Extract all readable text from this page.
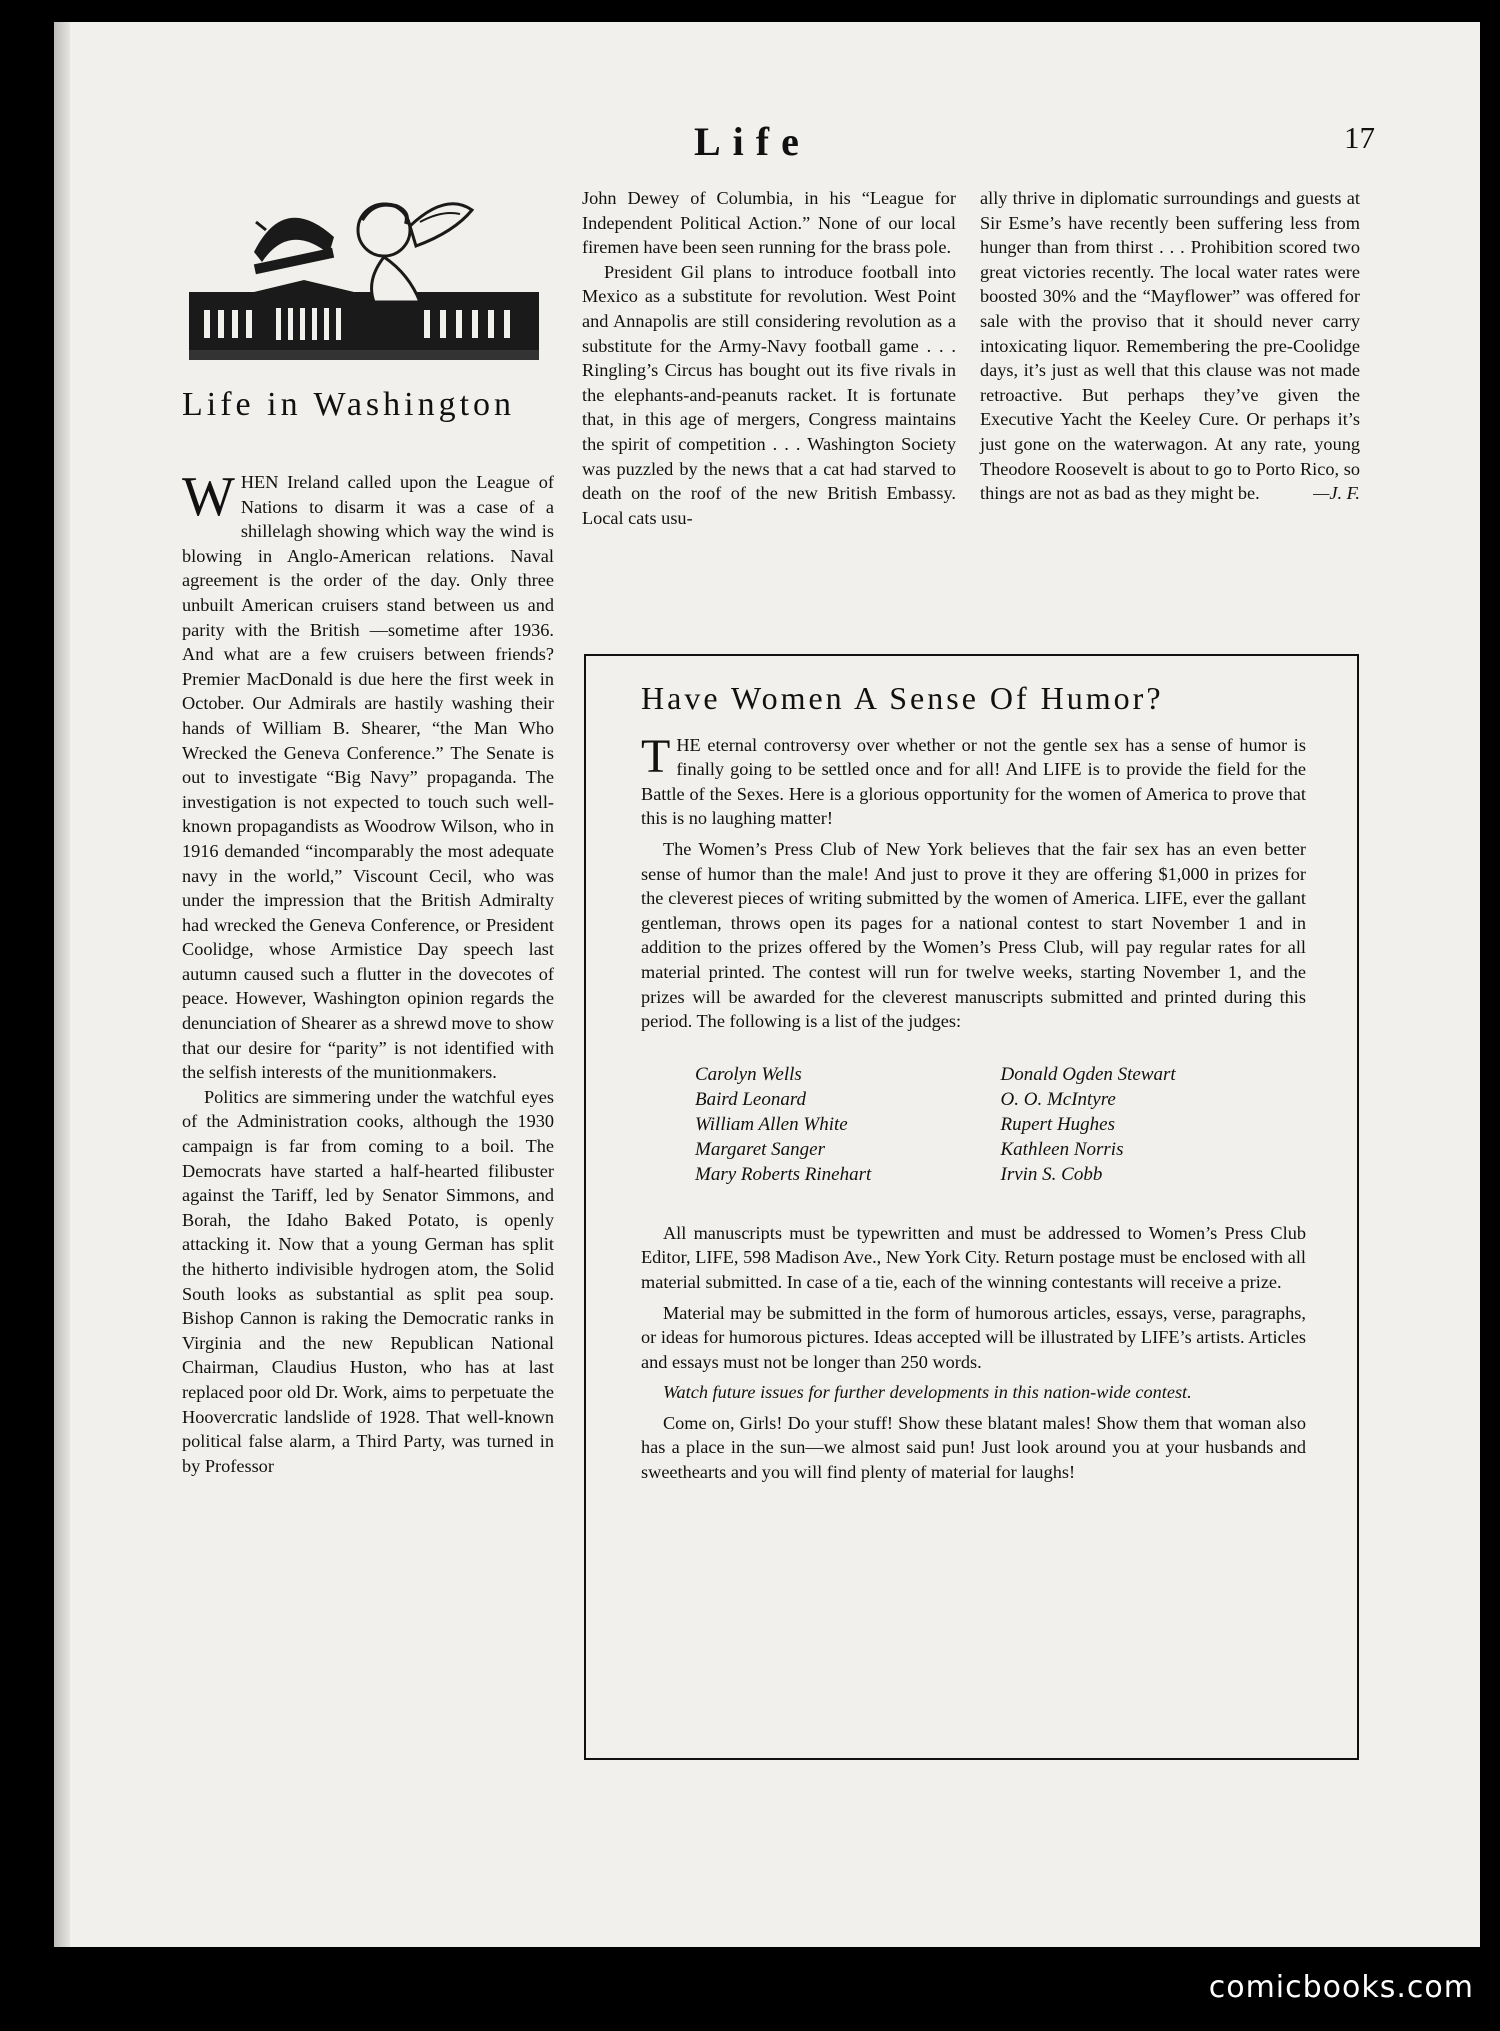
Life	17
Life in Washington

WHEN Ireland called upon the League of Nations to disarm it was a case of a shillelagh showing which way the wind is blowing in Anglo-American relations. Naval agreement is the order of the day. Only three unbuilt American cruisers stand between us and parity with the British —sometime after 1936. And what are a few cruisers between friends? Premier MacDonald is due here the first week in October. Our Admirals are hastily washing their hands of William B. Shearer, “the Man Who Wrecked the Geneva Conference.” The Senate is out to investigate “Big Navy” propaganda. The investigation is not expected to touch such well-known propagandists as Woodrow Wilson, who in 1916 demanded “incomparably the most adequate navy in the world,” Viscount Cecil, who was under the impression that the British Admiralty had wrecked the Geneva Conference, or President Coolidge, whose Armistice Day speech last autumn caused such a flutter in the dovecotes of peace. However, Washington opinion regards the denunciation of Shearer as a shrewd move to show that our desire for “parity” is not identified with the selfish interests of the munitionmakers.

Politics are simmering under the watchful eyes of the Administration cooks, although the 1930 campaign is far from coming to a boil. The Democrats have started a half-hearted filibuster against the Tariff, led by Senator Simmons, and Borah, the Idaho Baked Potato, is openly attacking it. Now that a young German has split the hitherto indivisible hydrogen atom, the Solid South looks as substantial as split pea soup. Bishop Cannon is raking the Democratic ranks in Virginia and the new Republican National Chairman, Claudius Huston, who has at last replaced poor old Dr. Work, aims to perpetuate the Hoovercratic landslide of 1928. That well-known political false alarm, a Third Party, was turned in by Professor

John Dewey of Columbia, in his “League for Independent Political Action.” None of our local firemen have been seen running for the brass pole.

President Gil plans to introduce football into Mexico as a substitute for revolution. West Point and Annapolis are still considering revolution as a substitute for the Army-Navy football game . . . Ringling’s Circus has bought out its five rivals in the elephants-and-peanuts racket. It is fortunate that, in this age of mergers, Congress maintains the spirit of competition . . . Washington Society was puzzled by the news that a cat had starved to death on the roof of the new British Embassy. Local cats usu-

ally thrive in diplomatic surroundings and guests at Sir Esme’s have recently been suffering less from hunger than from thirst . . . Prohibition scored two great victories recently. The local water rates were boosted 30% and the “Mayflower” was offered for sale with the proviso that it should never carry intoxicating liquor. Remembering the pre-Coolidge days, it’s just as well that this clause was not made retroactive. But perhaps they’ve given the Executive Yacht the Keeley Cure. Or perhaps it’s just gone on the waterwagon. At any rate, young Theodore Roosevelt is about to go to Porto Rico, so things are not as bad as they might be.	—J. F.

Have Women A Sense Of Humor?

THE eternal controversy over whether or not the gentle sex has a sense of humor is finally going to be settled once and for all! And LIFE is to provide the field for the Battle of the Sexes. Here is a glorious opportunity for the women of America to prove that this is no laughing matter!

The Women’s Press Club of New York believes that the fair sex has an even better sense of humor than the male! And just to prove it they are offering $1,000 in prizes for the cleverest pieces of writing submitted by the women of America. LIFE, ever the gallant gentleman, throws open its pages for a national contest to start November 1 and in addition to the prizes offered by the Women’s Press Club, will pay regular rates for all material printed. The contest will run for twelve weeks, starting November 1, and the prizes will be awarded for the cleverest manuscripts submitted and printed during this period. The following is a list of the judges:

Carolyn Wells
Baird Leonard
William Allen White
Margaret Sanger
Mary Roberts Rinehart
Donald Ogden Stewart
O. O. McIntyre
Rupert Hughes
Kathleen Norris
Irvin S. Cobb

All manuscripts must be typewritten and must be addressed to Women’s Press Club Editor, LIFE, 598 Madison Ave., New York City. Return postage must be enclosed with all material submitted. In case of a tie, each of the winning contestants will receive a prize.

Material may be submitted in the form of humorous articles, essays, verse, paragraphs, or ideas for humorous pictures. Ideas accepted will be illustrated by LIFE’s artists. Articles and essays must not be longer than 250 words.

Watch future issues for further developments in this nation-wide contest.

Come on, Girls! Do your stuff! Show these blatant males! Show them that woman also has a place in the sun—we almost said pun! Just look around you at your husbands and sweethearts and you will find plenty of material for laughs!

comicbooks.com
